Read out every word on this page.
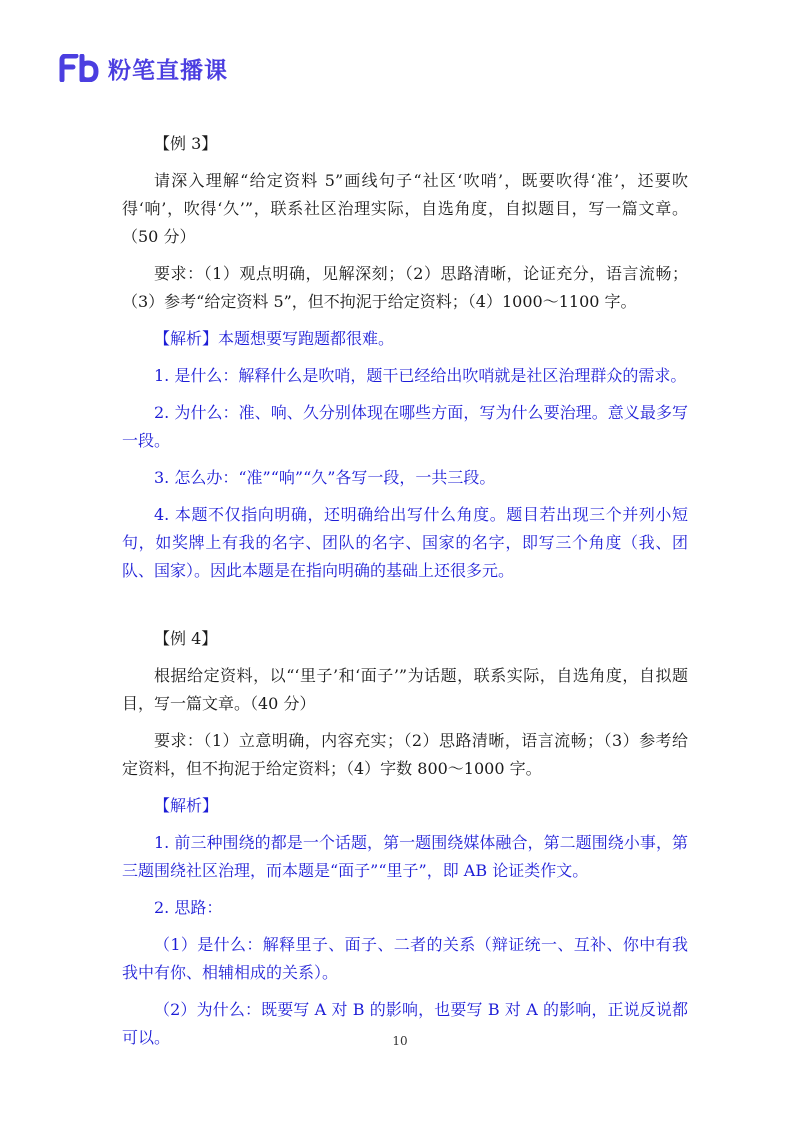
粉笔直播课

【例 3】

请深入理解“给定资料 5”画线句子“社区‘吹哨’，既要吹得‘准’，还要吹得‘响’，吹得‘久’”，联系社区治理实际，自选角度，自拟题目，写一篇文章。（50 分）

要求：（1）观点明确，见解深刻；（2）思路清晰，论证充分，语言流畅；（3）参考“给定资料 5”，但不拘泥于给定资料；（4）1000～1100 字。

【解析】本题想要写跑题都很难。

1. 是什么：解释什么是吹哨，题干已经给出吹哨就是社区治理群众的需求。

2. 为什么：准、响、久分别体现在哪些方面，写为什么要治理。意义最多写一段。

3. 怎么办：“准”“响”“久”各写一段，一共三段。

4. 本题不仅指向明确，还明确给出写什么角度。题目若出现三个并列小短句，如奖牌上有我的名字、团队的名字、国家的名字，即写三个角度（我、团队、国家）。因此本题是在指向明确的基础上还很多元。

【例 4】

根据给定资料，以“‘里子’和‘面子’”为话题，联系实际，自选角度，自拟题目，写一篇文章。（40 分）

要求：（1）立意明确，内容充实；（2）思路清晰，语言流畅；（3）参考给定资料，但不拘泥于给定资料；（4）字数 800～1000 字。

【解析】

1. 前三种围绕的都是一个话题，第一题围绕媒体融合，第二题围绕小事，第三题围绕社区治理，而本题是“面子”“里子”，即 AB 论证类作文。

2. 思路：

（1）是什么：解释里子、面子、二者的关系（辩证统一、互补、你中有我我中有你、相辅相成的关系）。

（2）为什么：既要写 A 对 B 的影响，也要写 B 对 A 的影响，正说反说都可以。	10
